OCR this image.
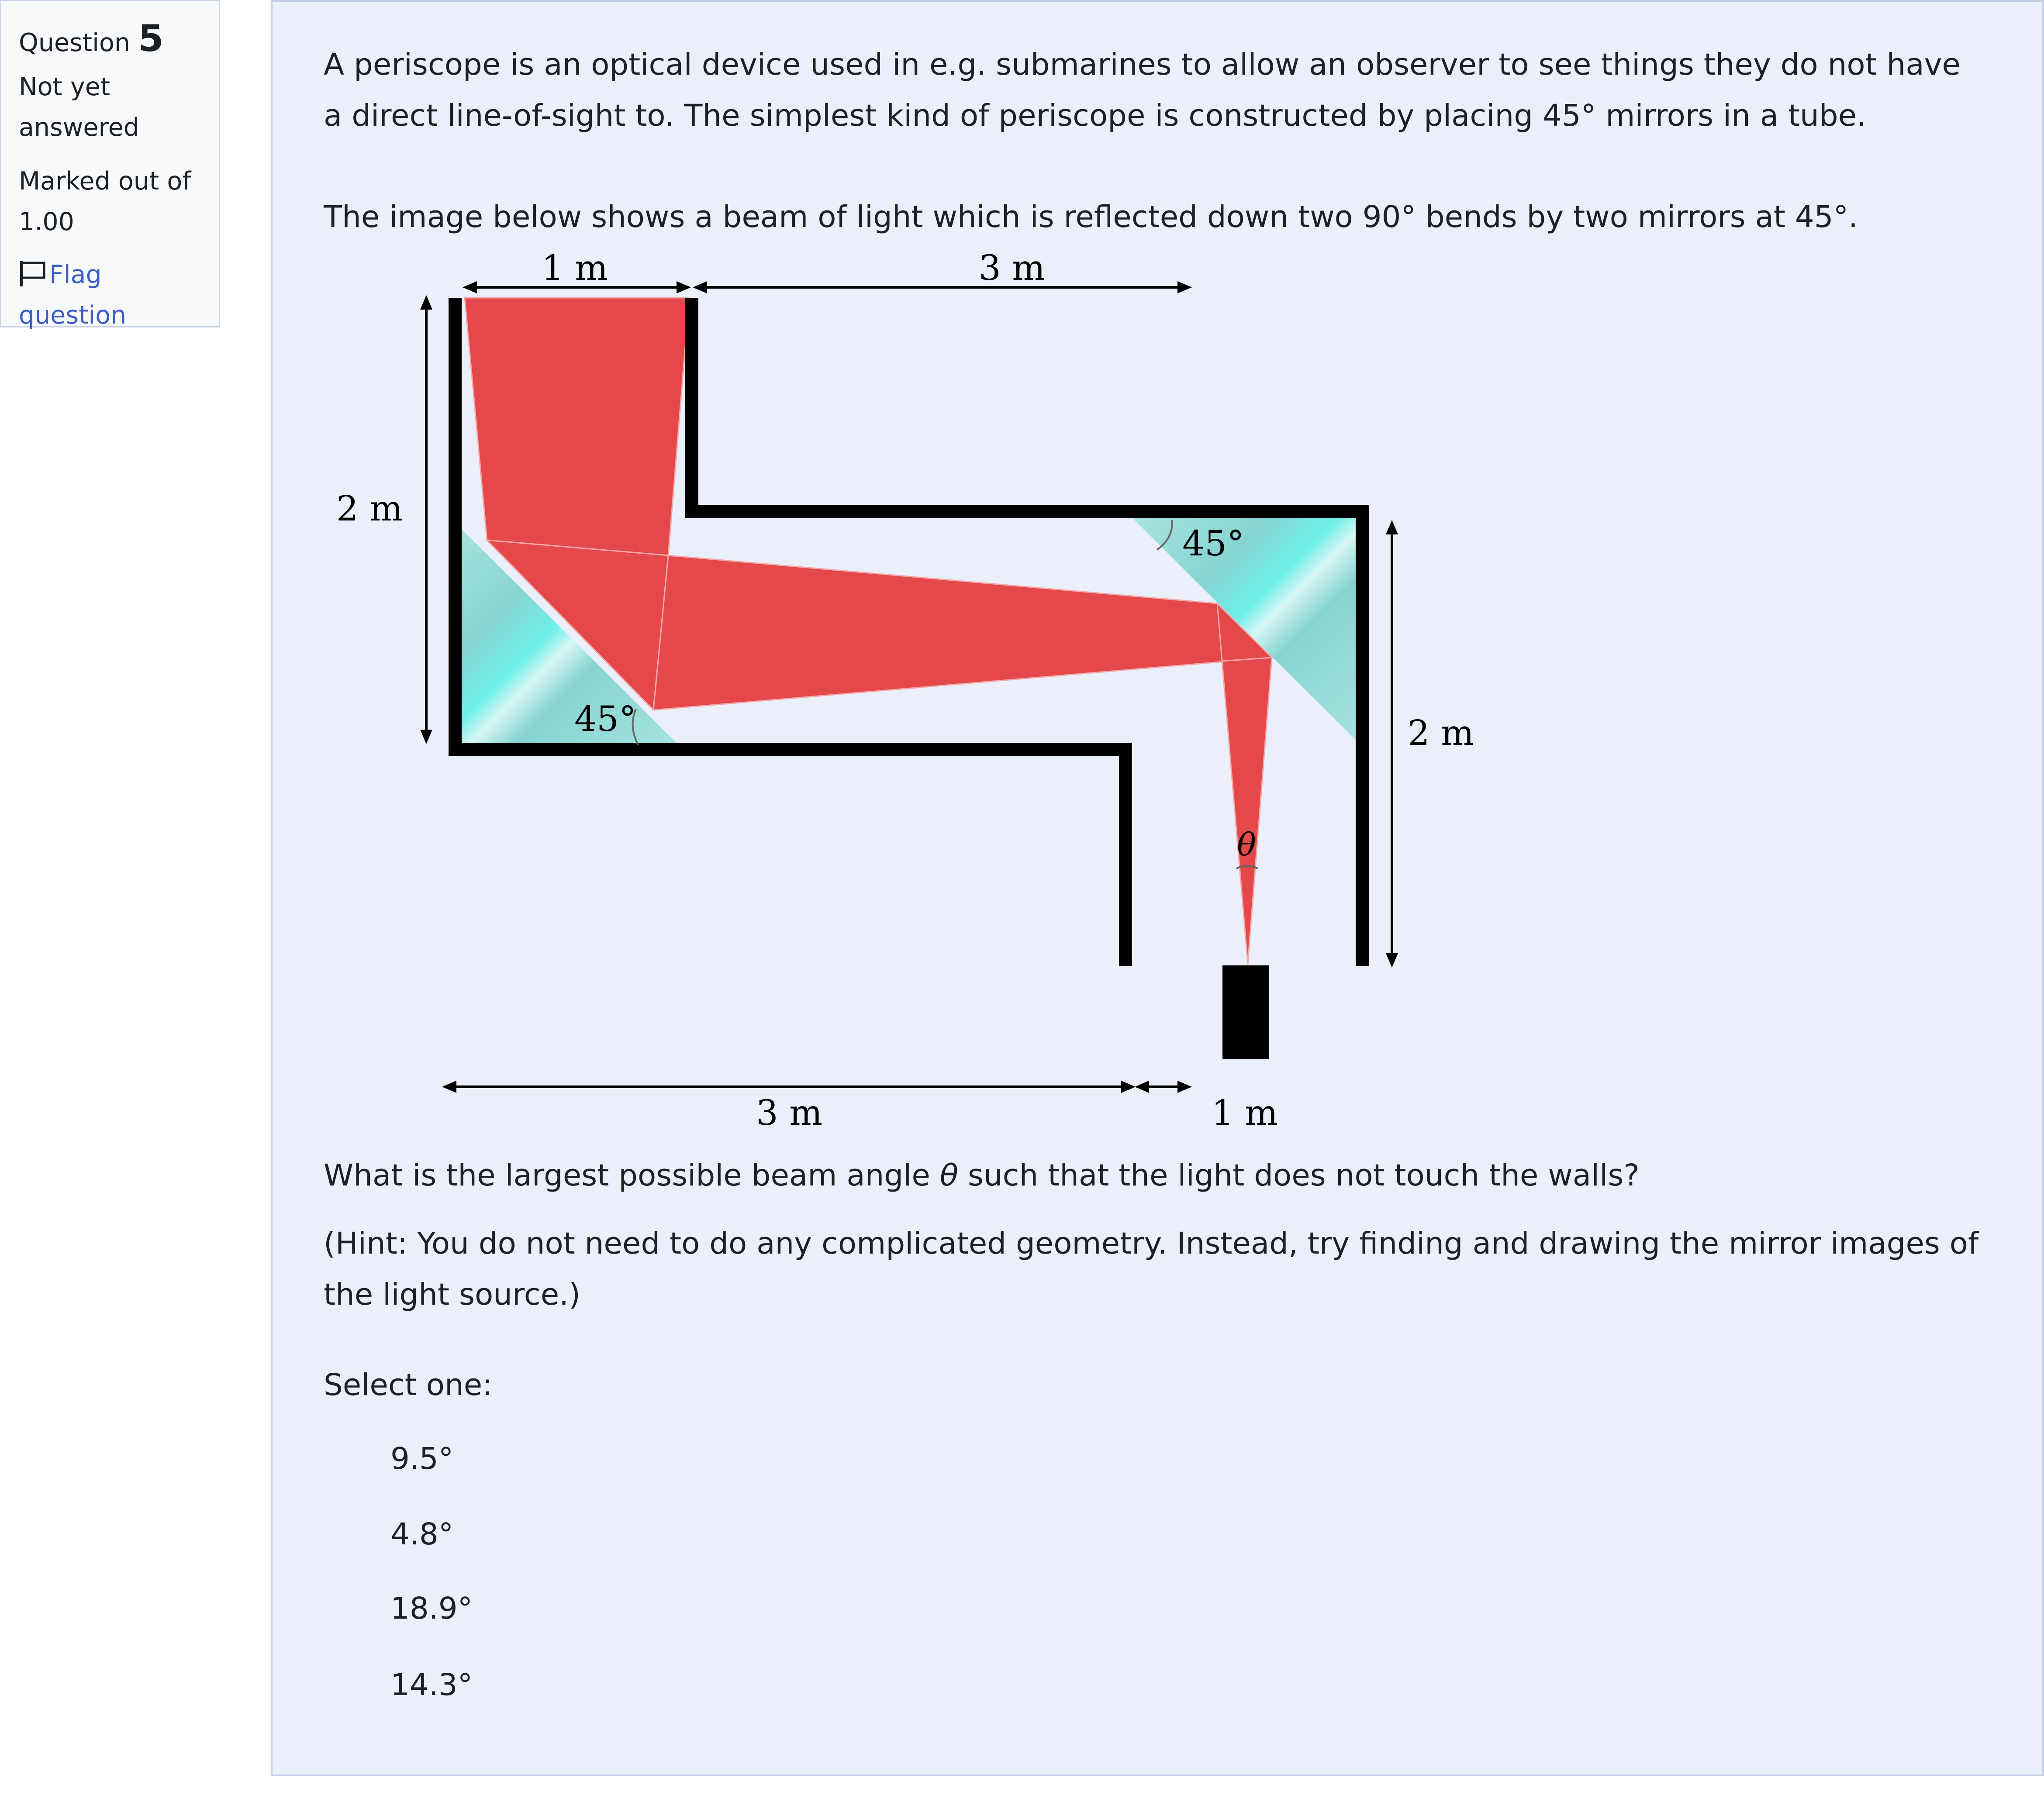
Question 5
Not yet answered
Marked out of 1.00
Flag question

A periscope is an optical device used in e.g. submarines to allow an observer to see things they do not have a direct line-of-sight to. The simplest kind of periscope is constructed by placing 45° mirrors in a tube.

The image below shows a beam of light which is reflected down two 90° bends by two mirrors at 45°.

1 m	3 m
2 m
2 m
3 m	1 m
45°
45°
θ

What is the largest possible beam angle θ such that the light does not touch the walls?

(Hint: You do not need to do any complicated geometry. Instead, try finding and drawing the mirror images of the light source.)

Select one:

9.5°
4.8°
18.9°
14.3°
